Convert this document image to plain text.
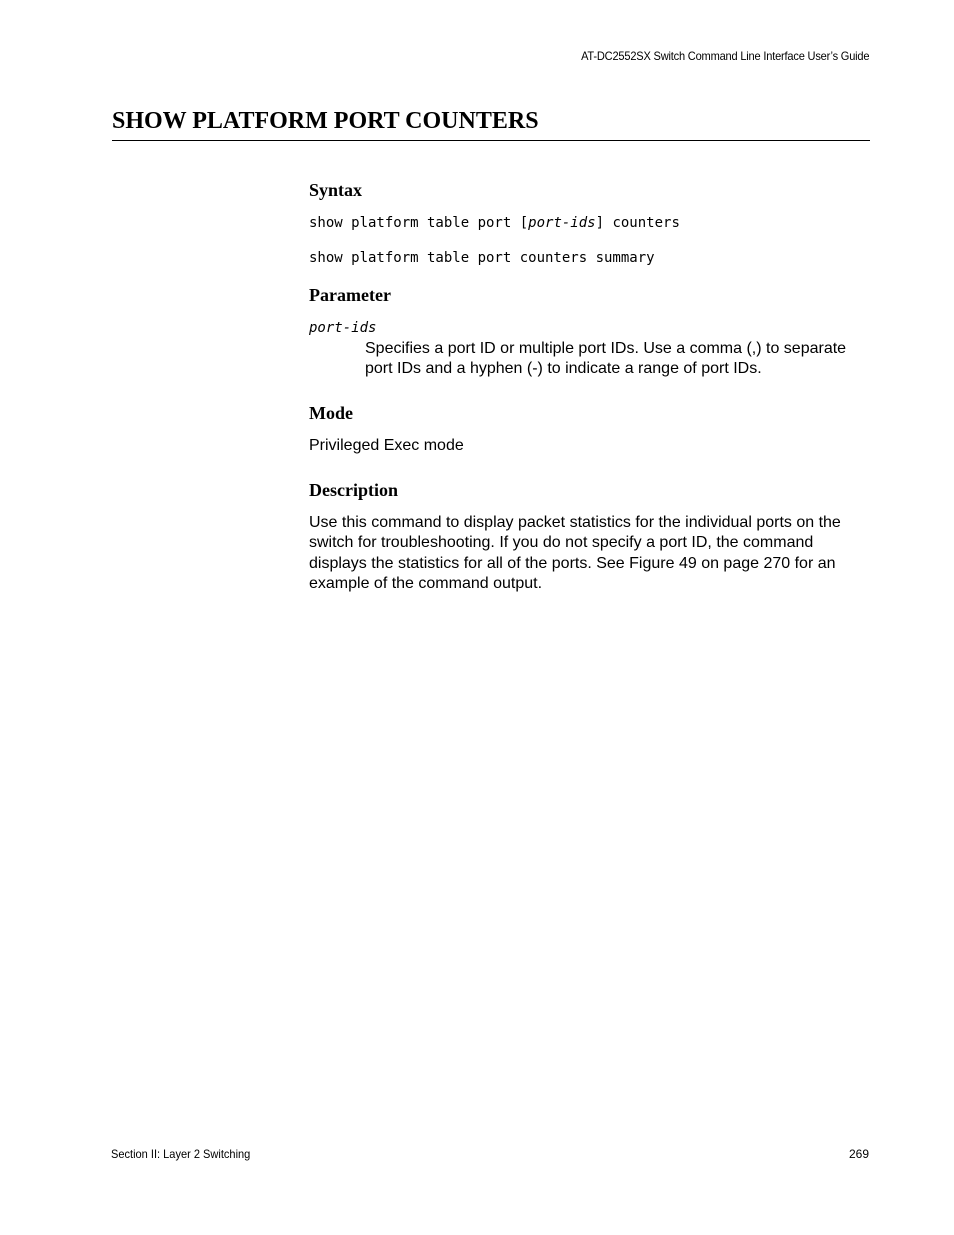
AT-DC2552SX Switch Command Line Interface User’s Guide
SHOW PLATFORM PORT COUNTERS
Syntax
show platform table port [port-ids] counters
show platform table port counters summary
Parameter
port-ids
Specifies a port ID or multiple port IDs. Use a comma (,) to separate port IDs and a hyphen (-) to indicate a range of port IDs.
Mode

Privileged Exec mode

Description

Use this command to display packet statistics for the individual ports on the switch for troubleshooting. If you do not specify a port ID, the command displays the statistics for all of the ports. See Figure 49 on page 270 for an example of the command output.

Section II: Layer 2 Switching	269
